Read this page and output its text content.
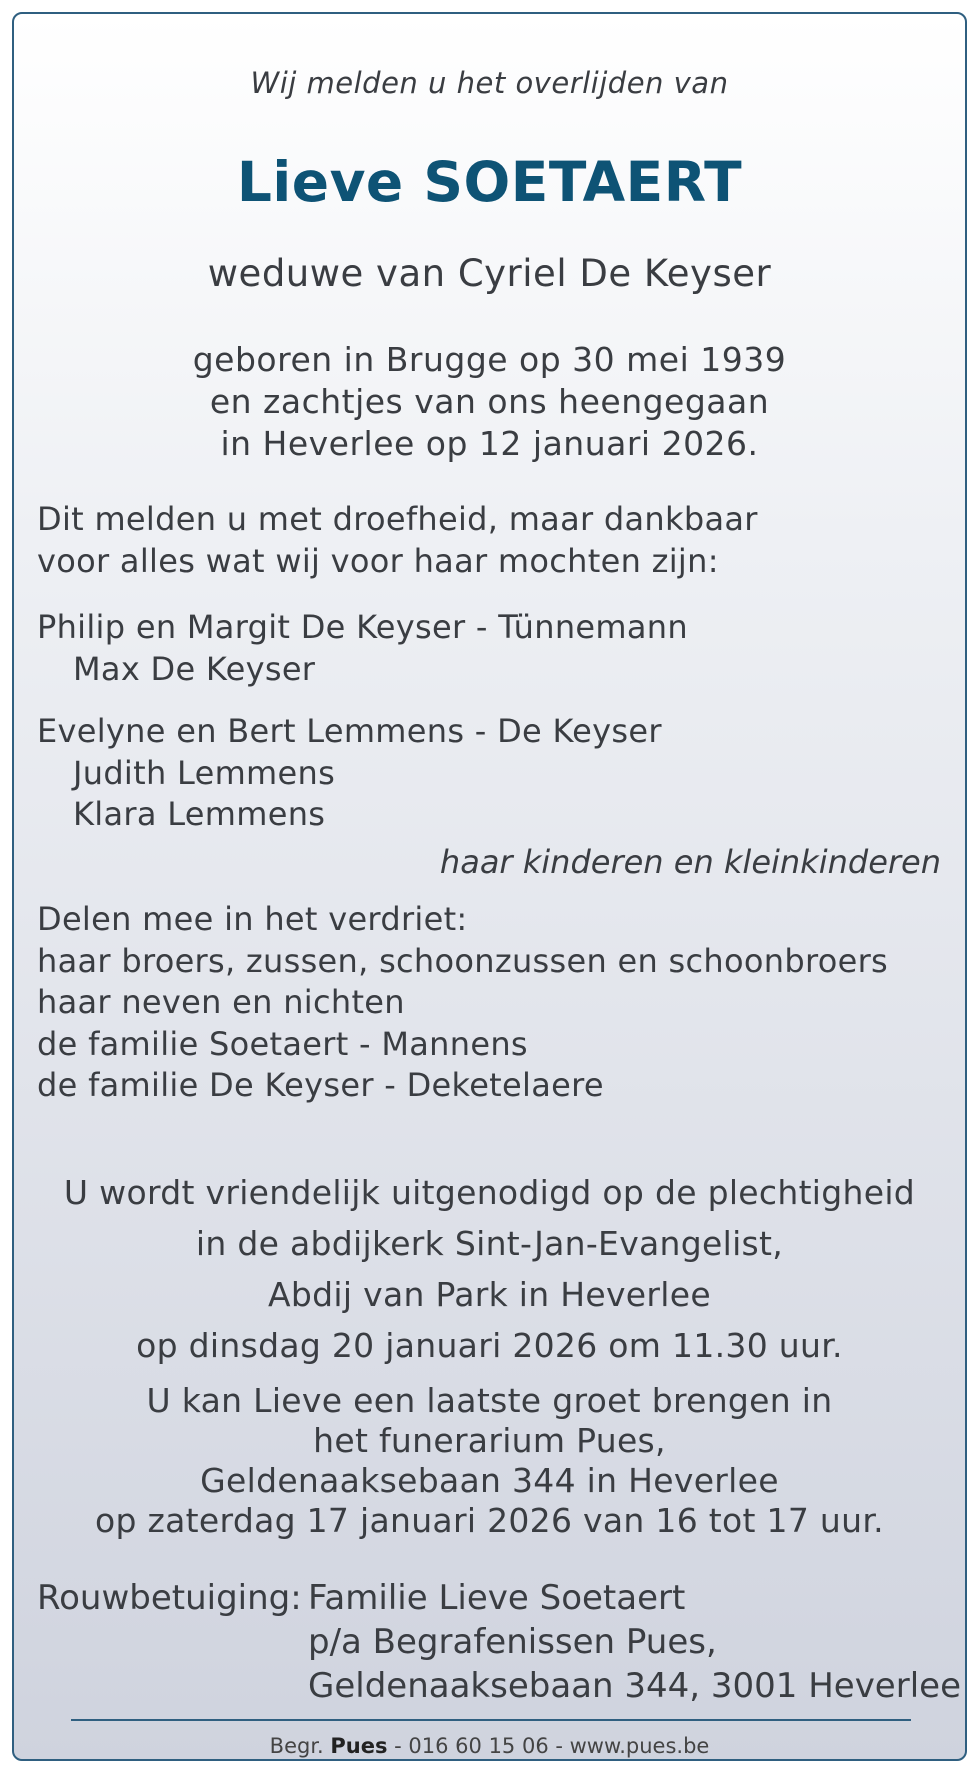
Wij melden u het overlijden van
Lieve SOETAERT
weduwe van Cyriel De Keyser
geboren in Brugge op 30 mei 1939
en zachtjes van ons heengegaan
in Heverlee op 12 januari 2026.
Dit melden u met droefheid, maar dankbaar
voor alles wat wij voor haar mochten zijn:
Philip en Margit De Keyser - Tünnemann
Max De Keyser
Evelyne en Bert Lemmens - De Keyser
Judith Lemmens
Klara Lemmens
haar kinderen en kleinkinderen
Delen mee in het verdriet:
haar broers, zussen, schoonzussen en schoonbroers
haar neven en nichten
de familie Soetaert - Mannens
de familie De Keyser - Deketelaere
U wordt vriendelijk uitgenodigd op de plechtigheid
in de abdijkerk Sint-Jan-Evangelist,
Abdij van Park in Heverlee
op dinsdag 20 januari 2026 om 11.30 uur.
U kan Lieve een laatste groet brengen in
het funerarium Pues,
Geldenaaksebaan 344 in Heverlee
op zaterdag 17 januari 2026 van 16 tot 17 uur.
Rouwbetuiging: Familie Lieve Soetaert
p/a Begrafenissen Pues,
Geldenaaksebaan 344, 3001 Heverlee
Begr. Pues - 016 60 15 06 - www.pues.be
